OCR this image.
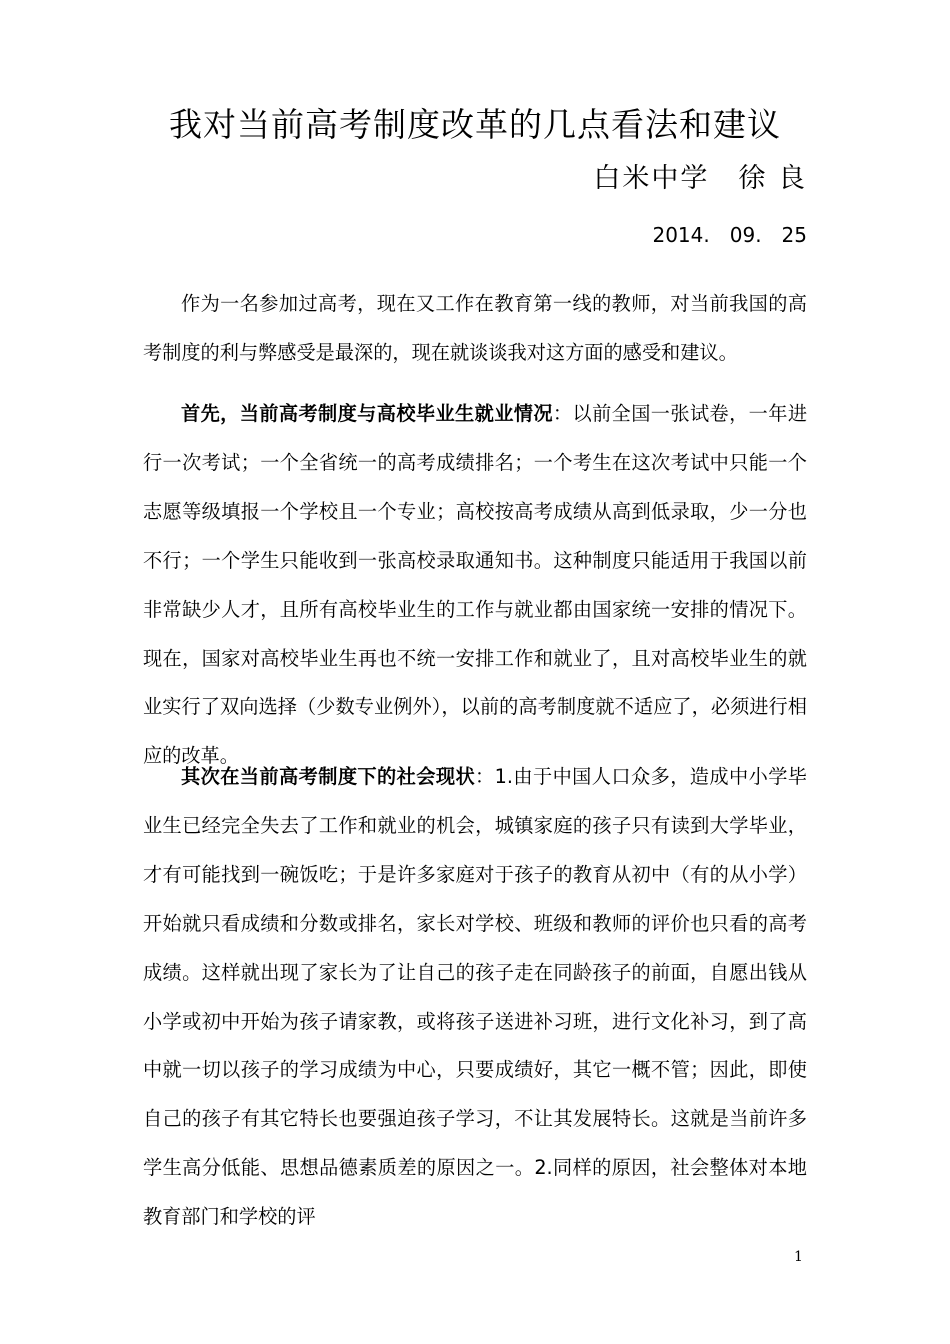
我对当前高考制度改革的几点看法和建议
白米中学　徐 良
2014.　09.　25

作为一名参加过高考，现在又工作在教育第一线的教师，对当前我国的高考制度的利与弊感受是最深的，现在就谈谈我对这方面的感受和建议。

首先，当前高考制度与高校毕业生就业情况：以前全国一张试卷，一年进行一次考试；一个全省统一的高考成绩排名；一个考生在这次考试中只能一个志愿等级填报一个学校且一个专业；高校按高考成绩从高到低录取，少一分也不行；一个学生只能收到一张高校录取通知书。这种制度只能适用于我国以前非常缺少人才，且所有高校毕业生的工作与就业都由国家统一安排的情况下。现在，国家对高校毕业生再也不统一安排工作和就业了，且对高校毕业生的就业实行了双向选择（少数专业例外），以前的高考制度就不适应了，必须进行相应的改革。

其次在当前高考制度下的社会现状：1.由于中国人口众多，造成中小学毕业生已经完全失去了工作和就业的机会，城镇家庭的孩子只有读到大学毕业，才有可能找到一碗饭吃；于是许多家庭对于孩子的教育从初中（有的从小学）开始就只看成绩和分数或排名，家长对学校、班级和教师的评价也只看的高考成绩。这样就出现了家长为了让自己的孩子走在同龄孩子的前面，自愿出钱从小学或初中开始为孩子请家教，或将孩子送进补习班，进行文化补习，到了高中就一切以孩子的学习成绩为中心，只要成绩好，其它一概不管；因此，即使自己的孩子有其它特长也要强迫孩子学习，不让其发展特长。这就是当前许多学生高分低能、思想品德素质差的原因之一。2.同样的原因，社会整体对本地教育部门和学校的评

1
